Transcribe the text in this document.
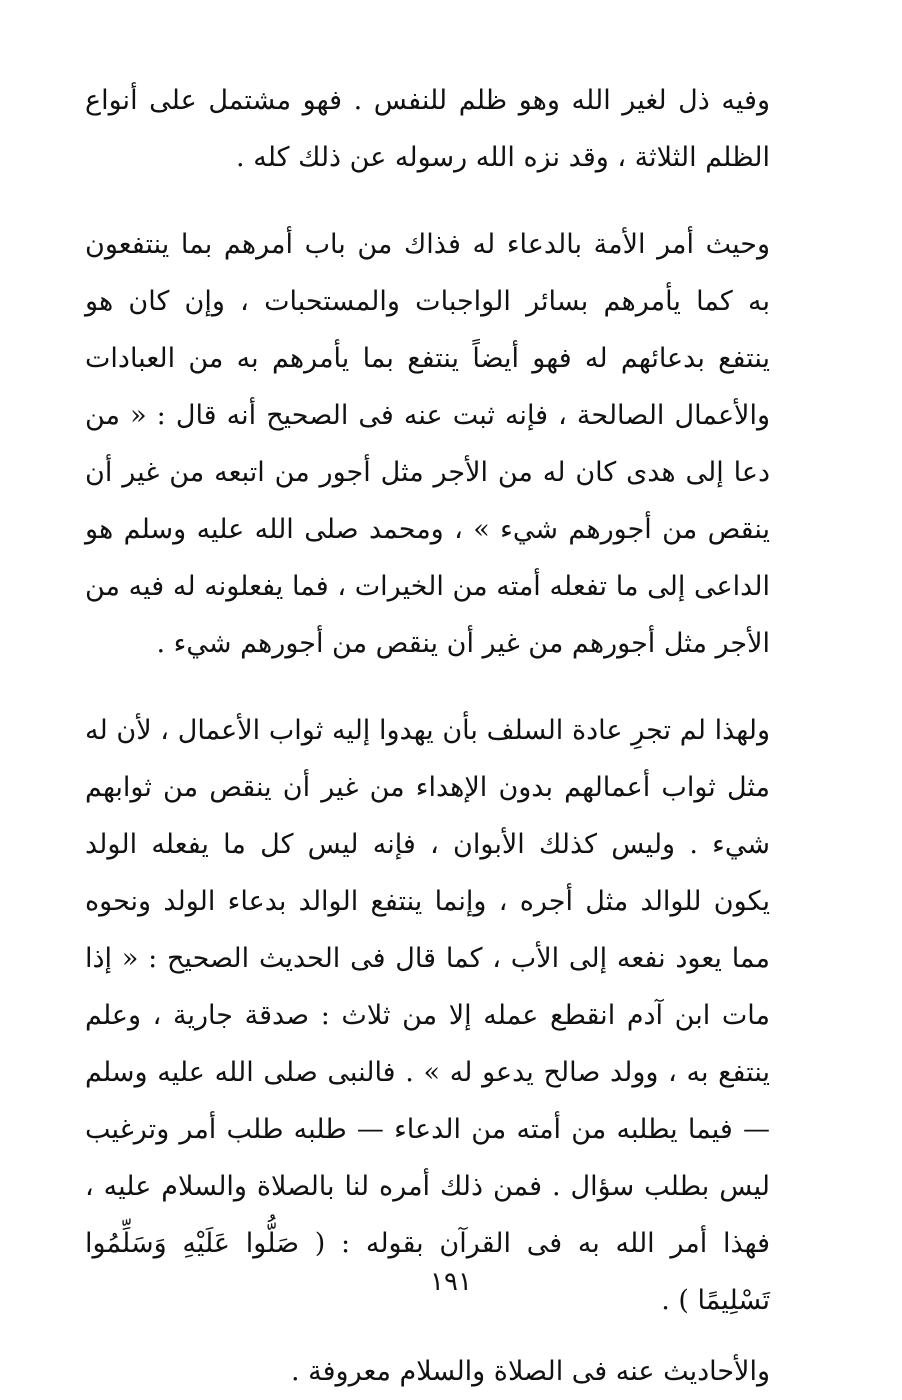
وفيه ذل لغير الله وهو ظلم للنفس . فهو مشتمل على أنواع الظلم الثلاثة ، وقد نزه الله رسوله عن ذلك كله .

وحيث أمر الأمة بالدعاء له فذاك من باب أمرهم بما ينتفعون به كما يأمرهم بسائر الواجبات والمستحبات ، وإن كان هو ينتفع بدعائهم له فهو أيضاً ينتفع بما يأمرهم به من العبادات والأعمال الصالحة ، فإنه ثبت عنه فى الصحيح أنه قال : « من دعا إلى هدى كان له من الأجر مثل أجور من اتبعه من غير أن ينقص من أجورهم شيء » ، ومحمد صلى الله عليه وسلم هو الداعى إلى ما تفعله أمته من الخيرات ، فما يفعلونه له فيه من الأجر مثل أجورهم من غير أن ينقص من أجورهم شيء .

ولهذا لم تجرِ عادة السلف بأن يهدوا إليه ثواب الأعمال ، لأن له مثل ثواب أعمالهم بدون الإهداء من غير أن ينقص من ثوابهم شيء . وليس كذلك الأبوان ، فإنه ليس كل ما يفعله الولد يكون للوالد مثل أجره ، وإنما ينتفع الوالد بدعاء الولد ونحوه مما يعود نفعه إلى الأب ، كما قال فى الحديث الصحيح : « إذا مات ابن آدم انقطع عمله إلا من ثلاث : صدقة جارية ، وعلم ينتفع به ، وولد صالح يدعو له » . فالنبى صلى الله عليه وسلم — فيما يطلبه من أمته من الدعاء — طلبه طلب أمر وترغيب ليس بطلب سؤال . فمن ذلك أمره لنا بالصلاة والسلام عليه ، فهذا أمر الله به فى القرآن بقوله : ( صَلُّوا عَلَيْهِ وَسَلِّمُوا تَسْلِيمًا ) .

والأحاديث عنه فى الصلاة والسلام معروفة .

١٩١
